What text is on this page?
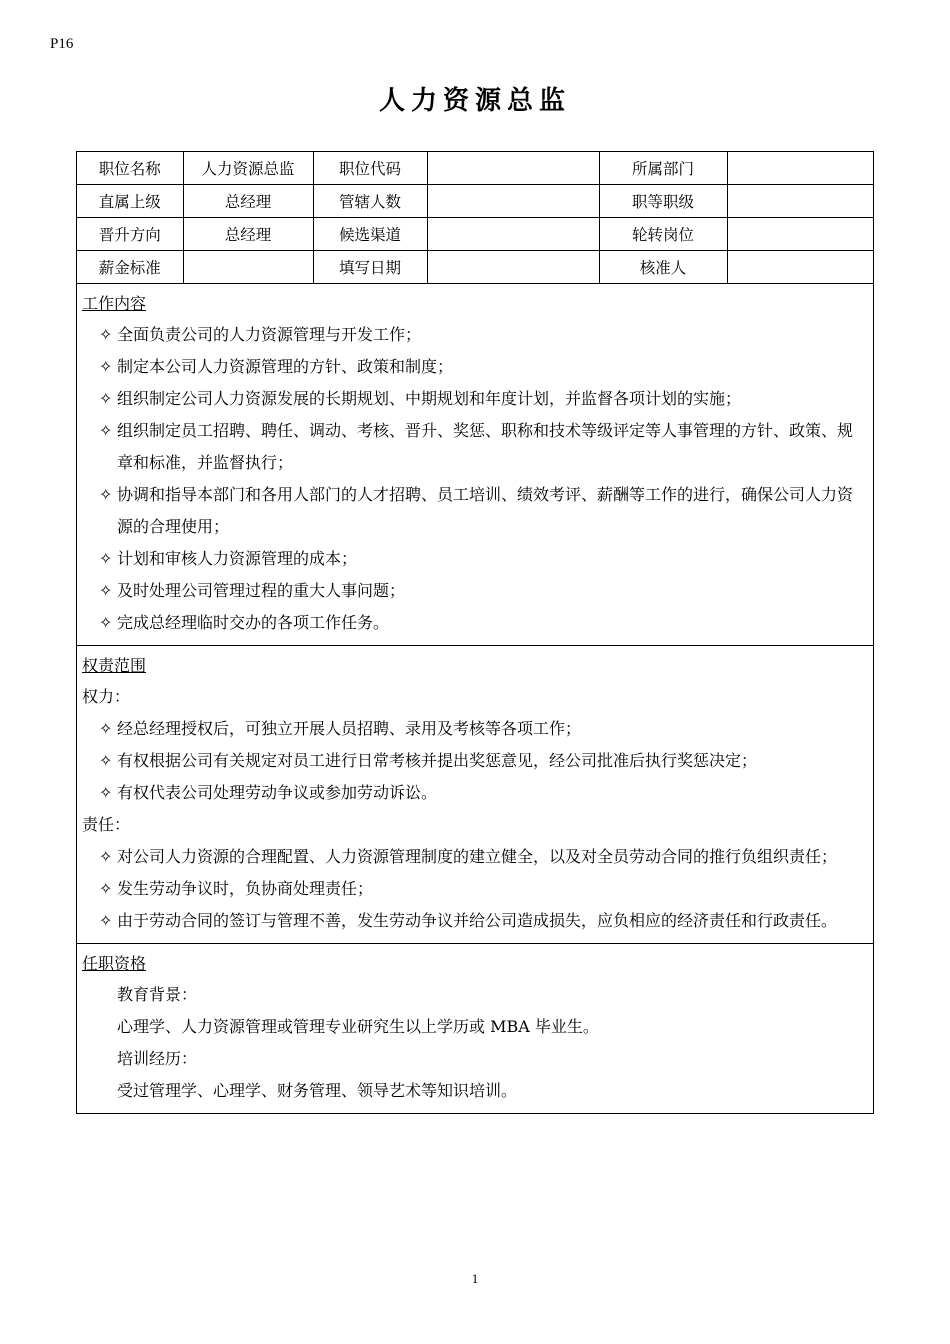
P16
人力资源总监
职位名称	人力资源总监	职位代码		所属部门	
直属上级	总经理	管辖人数		职等职级	
晋升方向	总经理	候选渠道		轮转岗位	
薪金标准		填写日期		核准人	
工作内容
✧ 全面负责公司的人力资源管理与开发工作；
✧ 制定本公司人力资源管理的方针、政策和制度；
✧ 组织制定公司人力资源发展的长期规划、中期规划和年度计划，并监督各项计划的实施；
✧ 组织制定员工招聘、聘任、调动、考核、晋升、奖惩、职称和技术等级评定等人事管理的方针、政策、规章和标准，并监督执行；
✧ 协调和指导本部门和各用人部门的人才招聘、员工培训、绩效考评、薪酬等工作的进行，确保公司人力资源的合理使用；
✧ 计划和审核人力资源管理的成本；
✧ 及时处理公司管理过程的重大人事问题；
✧ 完成总经理临时交办的各项工作任务。
权责范围
权力：
✧ 经总经理授权后，可独立开展人员招聘、录用及考核等各项工作；
✧ 有权根据公司有关规定对员工进行日常考核并提出奖惩意见，经公司批准后执行奖惩决定；
✧ 有权代表公司处理劳动争议或参加劳动诉讼。
责任：
✧ 对公司人力资源的合理配置、人力资源管理制度的建立健全，以及对全员劳动合同的推行负组织责任；
✧ 发生劳动争议时，负协商处理责任；
✧ 由于劳动合同的签订与管理不善，发生劳动争议并给公司造成损失，应负相应的经济责任和行政责任。
任职资格
教育背景：
心理学、人力资源管理或管理专业研究生以上学历或 MBA 毕业生。
培训经历：
受过管理学、心理学、财务管理、领导艺术等知识培训。
1
